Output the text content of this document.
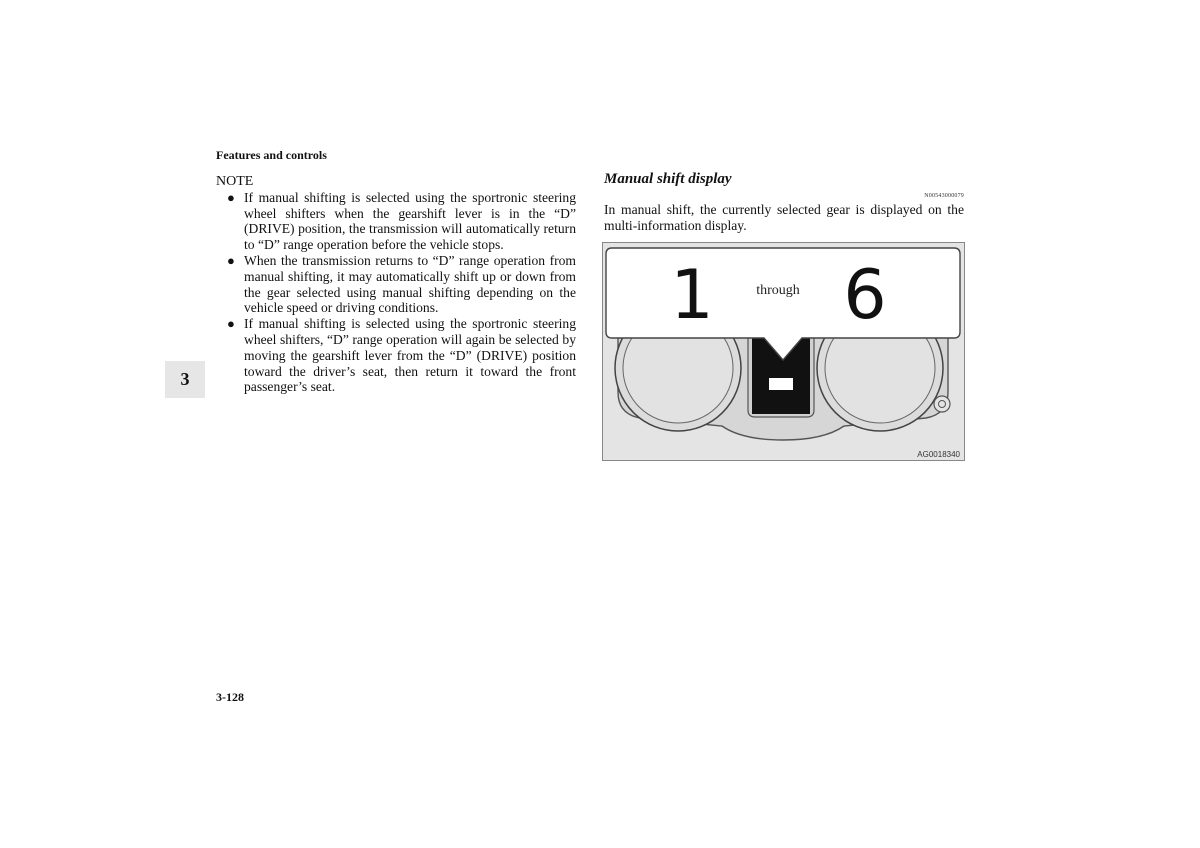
Features and controls
3

NOTE

● If manual shifting is selected using the sportronic steering wheel shifters when the gearshift lever is in the “D” (DRIVE) position, the transmission will automatically return to “D” range operation before the vehicle stops.
● When the transmission returns to “D” range operation from manual shifting, it may automatically shift up or down from the gear selected using manual shifting depending on the vehicle speed or driving conditions.
● If manual shifting is selected using the sportronic steering wheel shifters, “D” range operation will again be selected by moving the gearshift lever from the “D” (DRIVE) position toward the driver’s seat, then return it toward the front passenger’s seat.

Manual shift display

N00543000079

In manual shift, the currently selected gear is displayed on the multi-information display.

1	through 6
AG0018340
3-128
